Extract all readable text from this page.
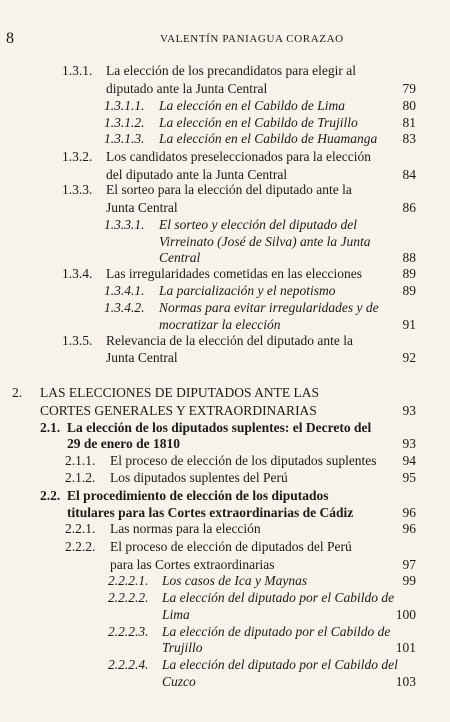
8	VALENTÍN PANIAGUA CORAZAO
1.3.1. La elección de los precandidatos para elegir al
diputado ante la Junta Central	79
1.3.1.1. La elección en el Cabildo de Lima	80
1.3.1.2. La elección en el Cabildo de Trujillo	81
1.3.1.3. La elección en el Cabildo de Huamanga 83
1.3.2. Los candidatos preseleccionados para la elección
del diputado ante la Junta Central	84
1.3.3. El sorteo para la elección del diputado ante la
Junta Central	86
1.3.3.1. El sorteo y elección del diputado del
Virreinato (José de Silva) ante la Junta
Central	88
1.3.4. Las irregularidades cometidas en las elecciones	89
1.3.4.1. La parcialización y el nepotismo	89
1.3.4.2. Normas para evitar irregularidades y de
mocratizar la elección	91
1.3.5. Relevancia de la elección del diputado ante la
Junta Central	92
2. LAS ELECCIONES DE DIPUTADOS ANTE LAS
CORTES GENERALES Y EXTRAORDINARIAS	93
2.1. La elección de los diputados suplentes: el Decreto del
29 de enero de 1810	93
2.1.1. El proceso de elección de los diputados suplentes 94
2.1.2. Los diputados suplentes del Perú	95
2.2. El procedimiento de elección de los diputados
titulares para las Cortes extraordinarias de Cádiz	96
2.2.1. Las normas para la elección	96
2.2.2. El proceso de elección de diputados del Perú
para las Cortes extraordinarias	97
2.2.2.1. Los casos de Ica y Maynas	99
2.2.2.2. La elección del diputado por el Cabildo de
Lima	100
2.2.2.3. La elección de diputado por el Cabildo de
Trujillo	101
2.2.2.4. La elección del diputado por el Cabildo del
Cuzco	103
